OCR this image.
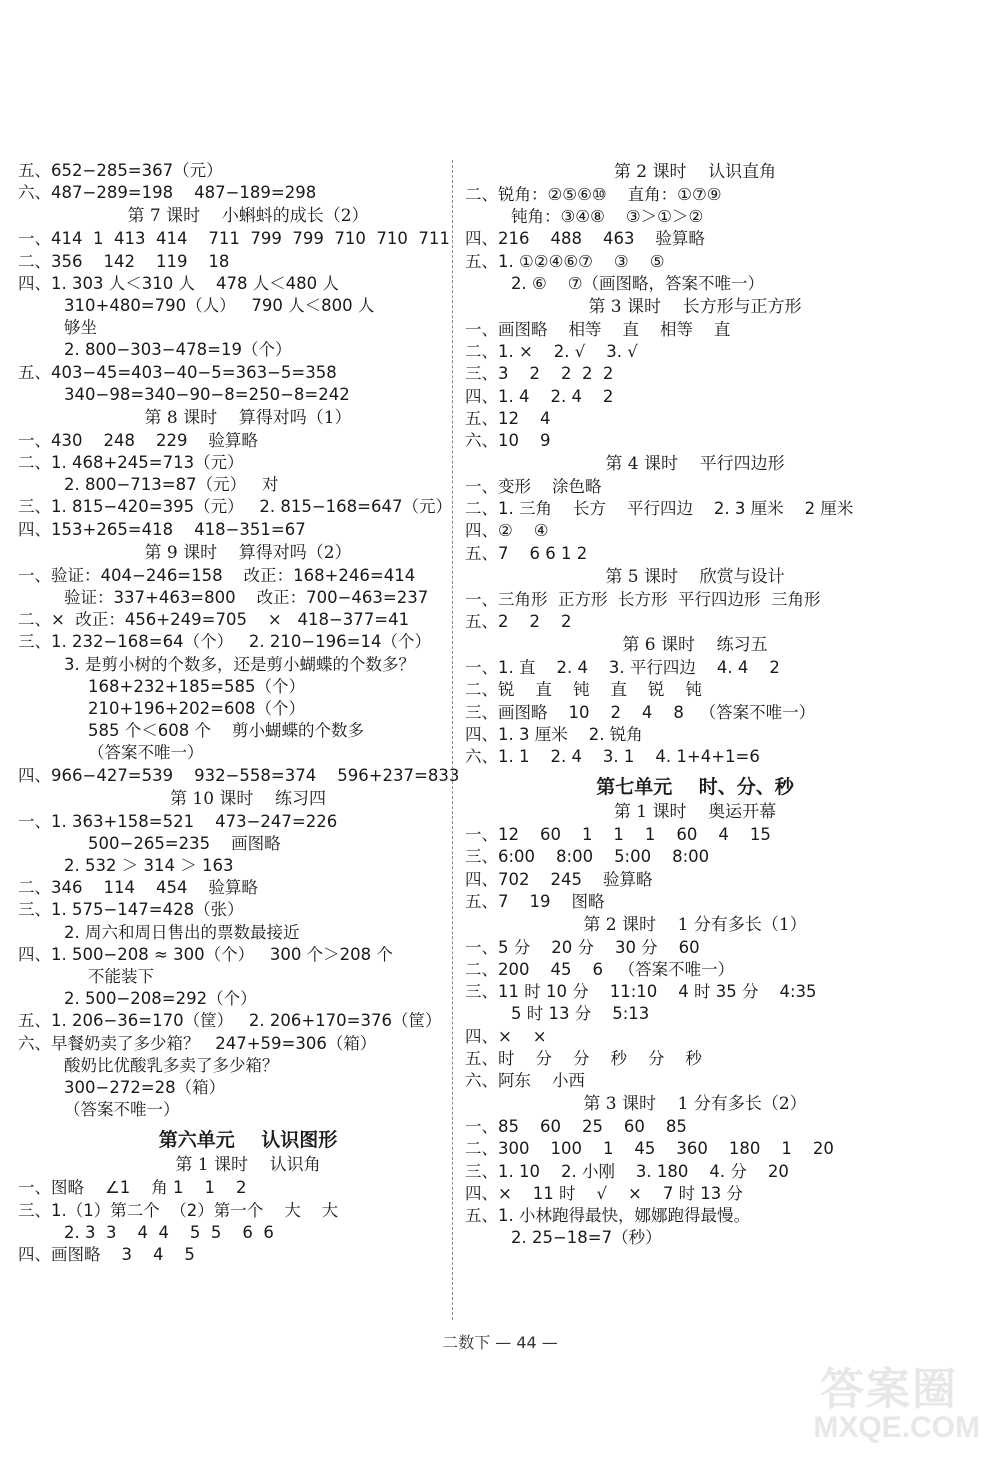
五、652−285=367（元）
六、487−289=198    487−189=298
第 7 课时    小蝌蚪的成长（2）
一、414  1  413  414    711  799  799  710  710  711
二、356    142    119    18
四、1. 303 人＜310 人    478 人＜480 人
310+480=790（人）   790 人＜800 人
够坐
2. 800−303−478=19（个）
五、403−45=403−40−5=363−5=358
340−98=340−90−8=250−8=242
第 8 课时    算得对吗（1）
一、430    248    229    验算略
二、1. 468+245=713（元）
2. 800−713=87（元）   对
三、1. 815−420=395（元）   2. 815−168=647（元）
四、153+265=418    418−351=67
第 9 课时    算得对吗（2）
一、验证：404−246=158    改正：168+246=414
验证：337+463=800    改正：700−463=237
二、×  改正：456+249=705    ×   418−377=41
三、1. 232−168=64（个）   2. 210−196=14（个）
3. 是剪小树的个数多，还是剪小蝴蝶的个数多？
168+232+185=585（个）
210+196+202=608（个）
585 个＜608 个    剪小蝴蝶的个数多
（答案不唯一）
四、966−427=539    932−558=374    596+237=833
第 10 课时    练习四
一、1. 363+158=521    473−247=226
500−265=235    画图略
2. 532 ＞ 314 ＞ 163
二、346    114    454    验算略
三、1. 575−147=428（张）
2. 周六和周日售出的票数最接近
四、1. 500−208 ≈ 300（个）   300 个＞208 个
不能装下
2. 500−208=292（个）
五、1. 206−36=170（筐）   2. 206+170=376（筐）
六、早餐奶卖了多少箱？   247+59=306（箱）
酸奶比优酸乳多卖了多少箱？
300−272=28（箱）
（答案不唯一）
第六单元    认识图形
第 1 课时    认识角
一、图略    ∠1    角 1    1    2
三、1.（1）第二个  （2）第一个    大    大
2. 3  3    4  4    5  5    6  6
四、画图略    3    4    5
第 2 课时    认识直角
二、锐角：②⑤⑥⑩    直角：①⑦⑨
钝角：③④⑧    ③＞①＞②
四、216    488    463    验算略
五、1. ①②④⑥⑦    ③    ⑤
2. ⑥    ⑦（画图略，答案不唯一）
第 3 课时    长方形与正方形
一、画图略    相等    直    相等    直
二、1. ×    2. √    3. √
三、3    2    2  2  2
四、1. 4    2. 4    2
五、12    4
六、10    9
第 4 课时    平行四边形
一、变形    涂色略
二、1. 三角    长方    平行四边    2. 3 厘米    2 厘米
四、②    ④
五、7    6 6 1 2
第 5 课时    欣赏与设计
一、三角形  正方形  长方形  平行四边形  三角形
五、2    2    2
第 6 课时    练习五
一、1. 直    2. 4    3. 平行四边    4. 4    2
二、锐    直    钝    直    锐    钝
三、画图略    10    2    4    8   （答案不唯一）
四、1. 3 厘米    2. 锐角
六、1. 1    2. 4    3. 1    4. 1+4+1=6
第七单元    时、分、秒
第 1 课时    奥运开幕
一、12    60    1    1    1    60    4    15
三、6:00    8:00    5:00    8:00
四、702    245    验算略
五、7    19    图略
第 2 课时    1 分有多长（1）
一、5 分    20 分    30 分    60
二、200    45    6   （答案不唯一）
三、11 时 10 分    11:10    4 时 35 分    4:35
5 时 13 分    5:13
四、×    ×
五、时    分    分    秒    分    秒
六、阿东    小西
第 3 课时    1 分有多长（2）
一、85    60    25    60    85
二、300    100    1    45    360    180    1    20
三、1. 10    2. 小刚    3. 180    4. 分    20
四、×    11 时    √    ×    7 时 13 分
五、1. 小林跑得最快，娜娜跑得最慢。
2. 25−18=7（秒）
二数下 — 44 —
答案圈
MXQE.COM
